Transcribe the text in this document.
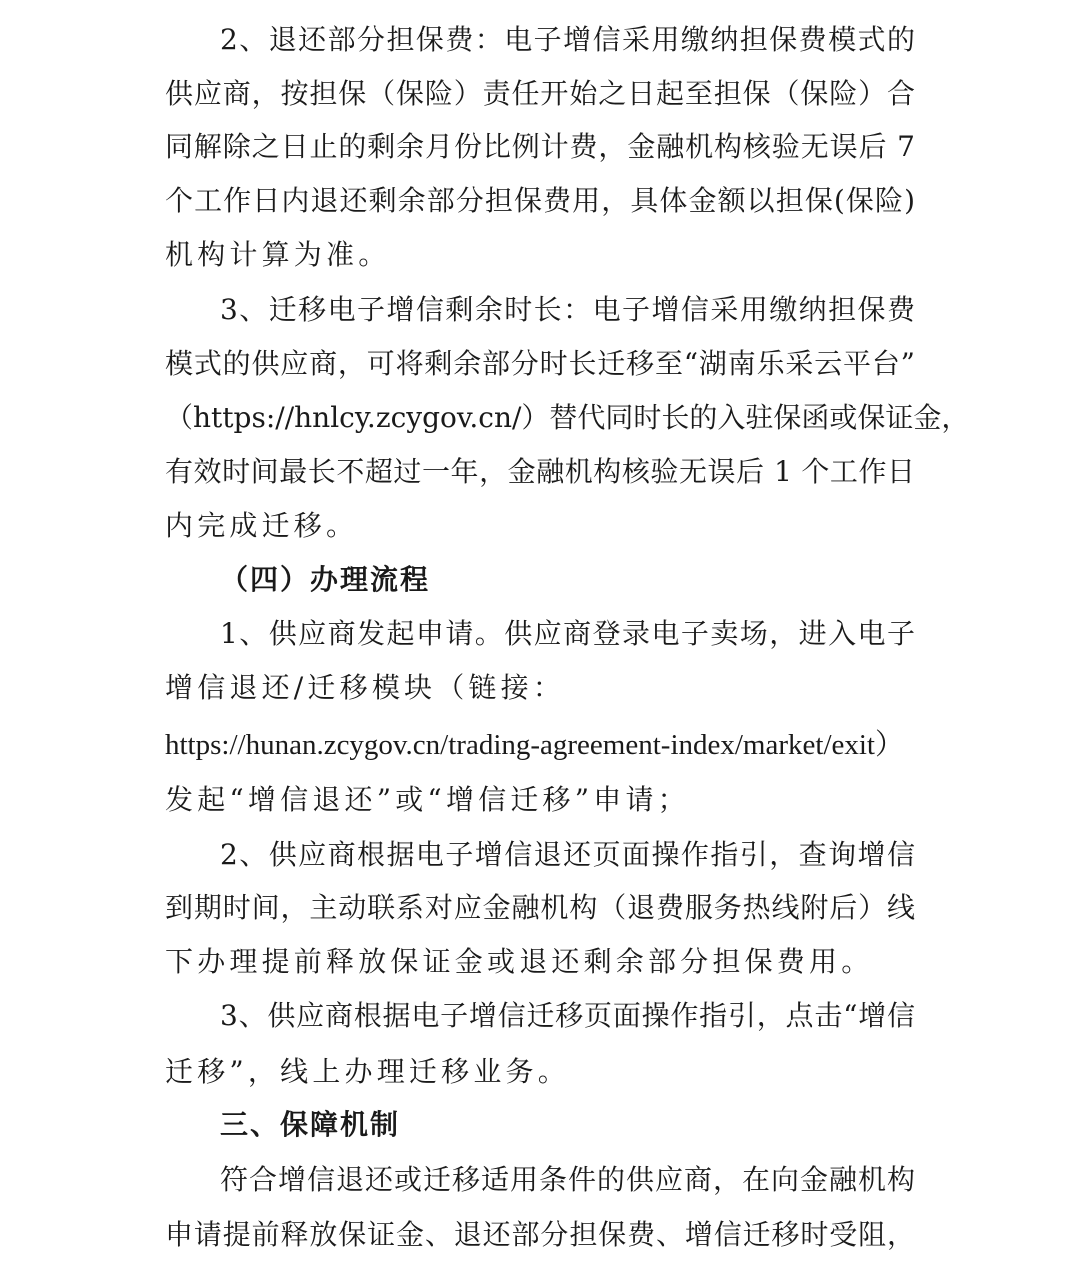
2、退还部分担保费：电子增信采用缴纳担保费模式的
供应商，按担保（保险）责任开始之日起至担保（保险）合
同解除之日止的剩余月份比例计费，金融机构核验无误后 7
个工作日内退还剩余部分担保费用，具体金额以担保(保险)
机构计算为准。
3、迁移电子增信剩余时长：电子增信采用缴纳担保费
模式的供应商，可将剩余部分时长迁移至“湖南乐采云平台”
（https://hnlcy.zcygov.cn/）替代同时长的入驻保函或保证金，
有效时间最长不超过一年，金融机构核验无误后 1 个工作日
内完成迁移。
（四）办理流程
1、供应商发起申请。供应商登录电子卖场，进入电子
增信退还/迁移模块（链接：
https://hunan.zcygov.cn/trading-agreement-index/market/exit）
发起“增信退还”或“增信迁移”申请；
2、供应商根据电子增信退还页面操作指引，查询增信
到期时间，主动联系对应金融机构（退费服务热线附后）线
下办理提前释放保证金或退还剩余部分担保费用。
3、供应商根据电子增信迁移页面操作指引，点击“增信
迁移”，线上办理迁移业务。
三、保障机制
符合增信退还或迁移适用条件的供应商，在向金融机构
申请提前释放保证金、退还部分担保费、增信迁移时受阻，
